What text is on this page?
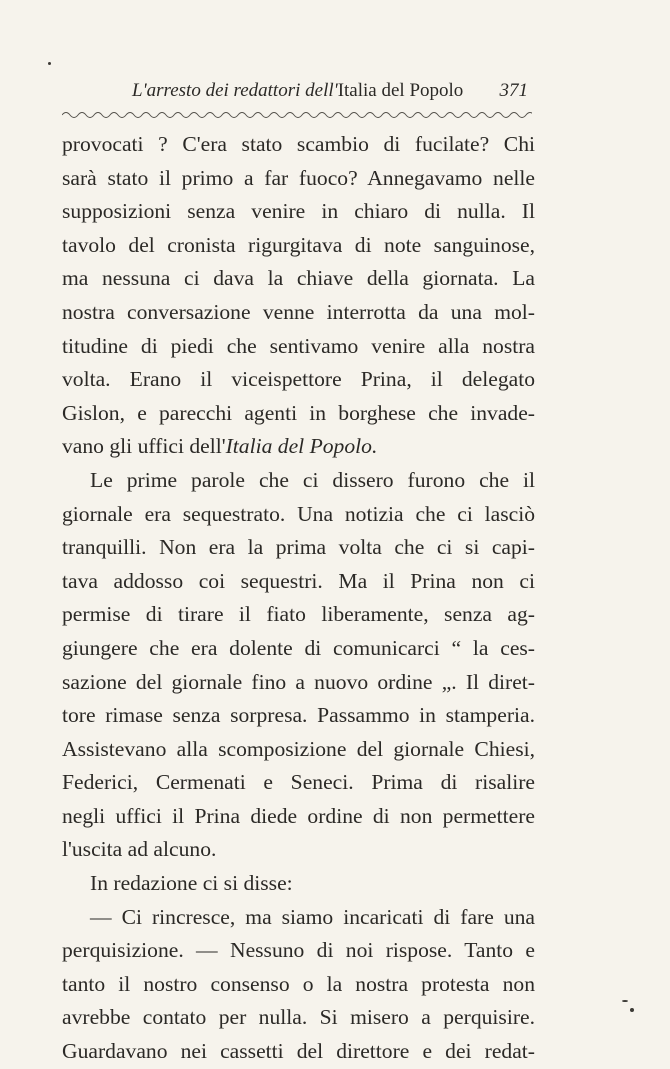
L'arresto dei redattori dell'Italia del Popolo 371
provocati ? C'era stato scambio di fucilate? Chi
sarà stato il primo a far fuoco? Annegavamo nelle
supposizioni senza venire in chiaro di nulla. Il
tavolo del cronista rigurgitava di note sanguinose,
ma nessuna ci dava la chiave della giornata. La
nostra conversazione venne interrotta da una mol-
titudine di piedi che sentivamo venire alla nostra
volta. Erano il viceispettore Prina, il delegato
Gislon, e parecchi agenti in borghese che invade-
vano gli uffici dell'Italia del Popolo.
Le prime parole che ci dissero furono che il
giornale era sequestrato. Una notizia che ci lasciò
tranquilli. Non era la prima volta che ci si capi-
tava addosso coi sequestri. Ma il Prina non ci
permise di tirare il fiato liberamente, senza ag-
giungere che era dolente di comunicarci “ la ces-
sazione del giornale fino a nuovo ordine „. Il diret-
tore rimase senza sorpresa. Passammo in stamperia.
Assistevano alla scomposizione del giornale Chiesi,
Federici, Cermenati e Seneci. Prima di risalire
negli uffici il Prina diede ordine di non permettere
l'uscita ad alcuno.
In redazione ci si disse:
— Ci rincresce, ma siamo incaricati di fare una
perquisizione. — Nessuno di noi rispose. Tanto e
tanto il nostro consenso o la nostra protesta non
avrebbe contato per nulla. Si misero a perquisire.
Guardavano nei cassetti del direttore e dei redat-
